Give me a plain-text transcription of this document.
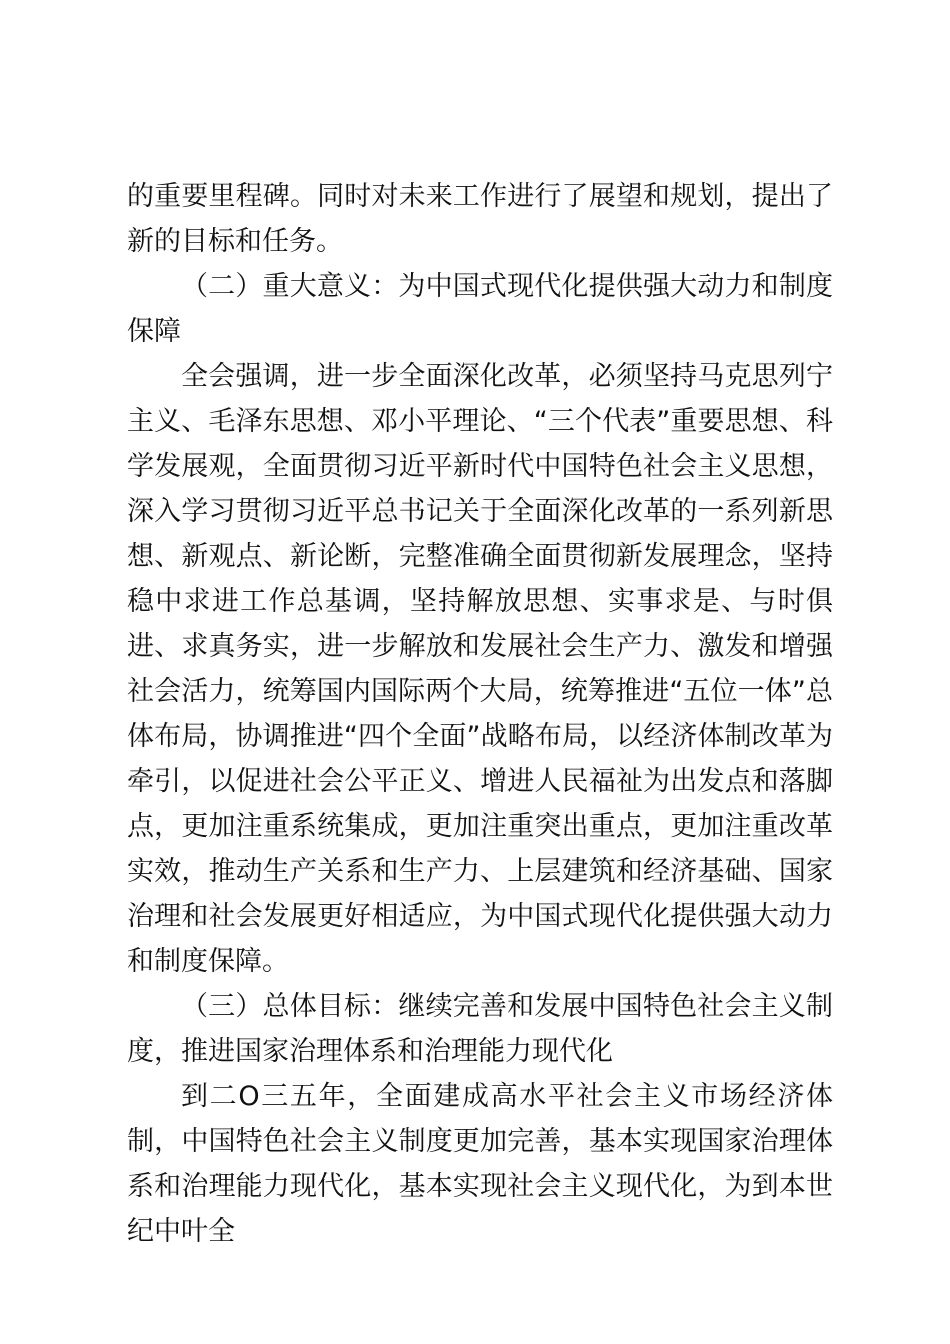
的重要里程碑。同时对未来工作进行了展望和规划，提出了新的目标和任务。

（二）重大意义：为中国式现代化提供强大动力和制度保障

全会强调，进一步全面深化改革，必须坚持马克思列宁主义、毛泽东思想、邓小平理论、“三个代表”重要思想、科学发展观，全面贯彻习近平新时代中国特色社会主义思想，深入学习贯彻习近平总书记关于全面深化改革的一系列新思想、新观点、新论断，完整准确全面贯彻新发展理念，坚持稳中求进工作总基调，坚持解放思想、实事求是、与时俱进、求真务实，进一步解放和发展社会生产力、激发和增强社会活力，统筹国内国际两个大局，统筹推进“五位一体”总体布局，协调推进“四个全面”战略布局，以经济体制改革为牵引，以促进社会公平正义、增进人民福祉为出发点和落脚点，更加注重系统集成，更加注重突出重点，更加注重改革实效，推动生产关系和生产力、上层建筑和经济基础、国家治理和社会发展更好相适应，为中国式现代化提供强大动力和制度保障。

（三）总体目标：继续完善和发展中国特色社会主义制度，推进国家治理体系和治理能力现代化

到二O三五年，全面建成高水平社会主义市场经济体制，中国特色社会主义制度更加完善，基本实现国家治理体系和治理能力现代化，基本实现社会主义现代化，为到本世纪中叶全
